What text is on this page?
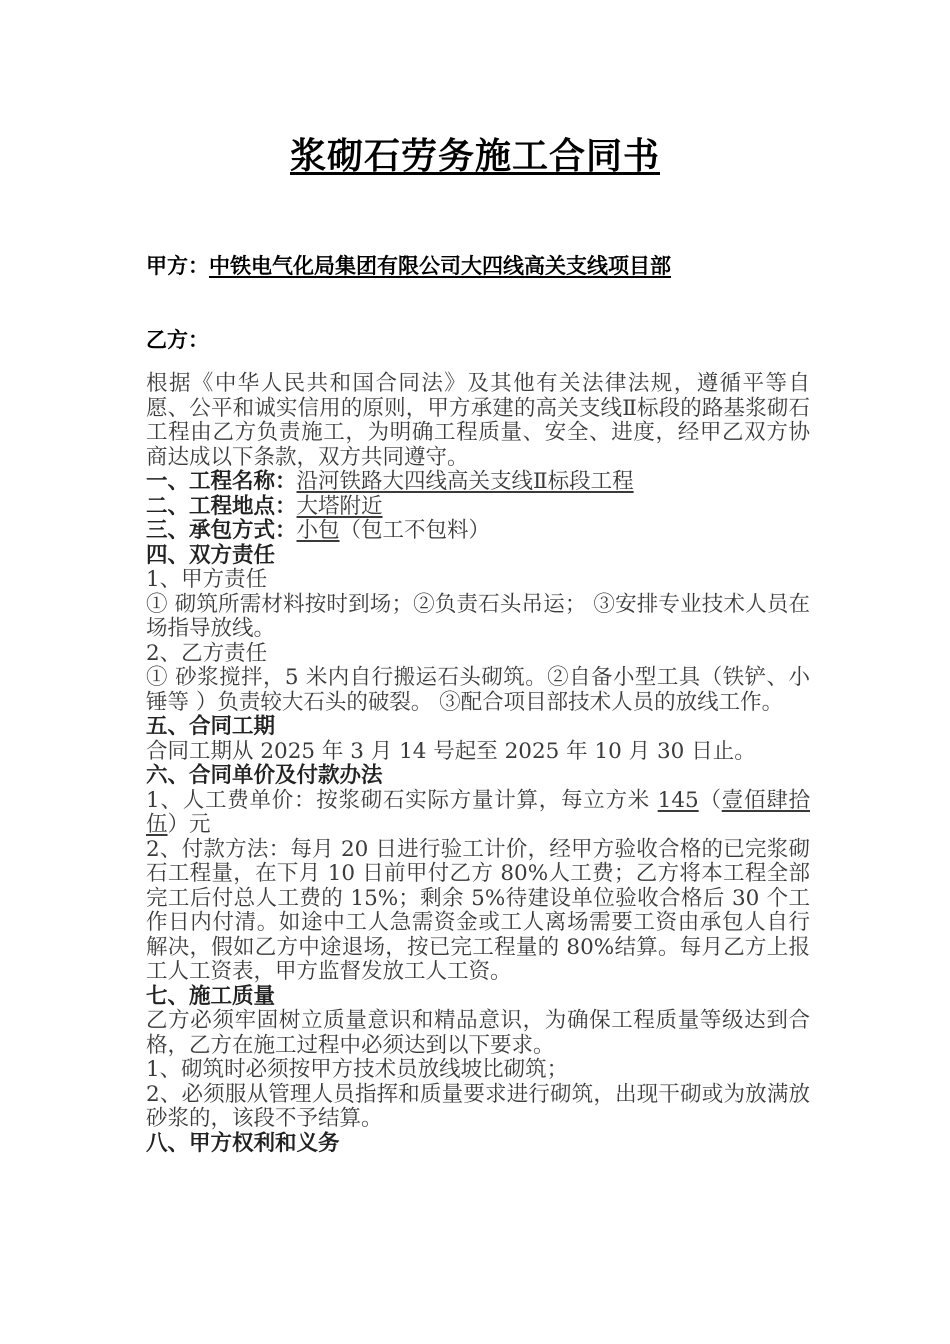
浆砌石劳务施工合同书
甲方：中铁电气化局集团有限公司大四线高关支线项目部
乙方：

根据《中华人民共和国合同法》及其他有关法律法规，遵循平等自愿、公平和诚实信用的原则，甲方承建的高关支线Ⅱ标段的路基浆砌石工程由乙方负责施工，为明确工程质量、安全、进度，经甲乙双方协商达成以下条款，双方共同遵守。

一、工程名称：沿河铁路大四线高关支线Ⅱ标段工程

二、工程地点：大塔附近

三、承包方式：小包（包工不包料）

四、双方责任

1、甲方责任

① 砌筑所需材料按时到场；②负责石头吊运； ③安排专业技术人员在场指导放线。

2、乙方责任

① 砂浆搅拌，5 米内自行搬运石头砌筑。②自备小型工具（铁铲、小锤等 ）负责较大石头的破裂。 ③配合项目部技术人员的放线工作。

五、合同工期

合同工期从 2025 年 3 月 14 号起至 2025 年 10 月 30 日止。

六、合同单价及付款办法

1、人工费单价：按浆砌石实际方量计算，每立方米 145（壹佰肆拾伍）元

2、付款方法：每月 20 日进行验工计价，经甲方验收合格的已完浆砌石工程量，在下月 10 日前甲付乙方 80%人工费；乙方将本工程全部完工后付总人工费的 15%；剩余 5%待建设单位验收合格后 30 个工作日内付清。如途中工人急需资金或工人离场需要工资由承包人自行解决，假如乙方中途退场，按已完工程量的 80%结算。每月乙方上报工人工资表，甲方监督发放工人工资。

七、施工质量

乙方必须牢固树立质量意识和精品意识，为确保工程质量等级达到合格，乙方在施工过程中必须达到以下要求。

1、砌筑时必须按甲方技术员放线坡比砌筑；

2、必须服从管理人员指挥和质量要求进行砌筑，出现干砌或为放满放砂浆的，该段不予结算。

八、甲方权利和义务
